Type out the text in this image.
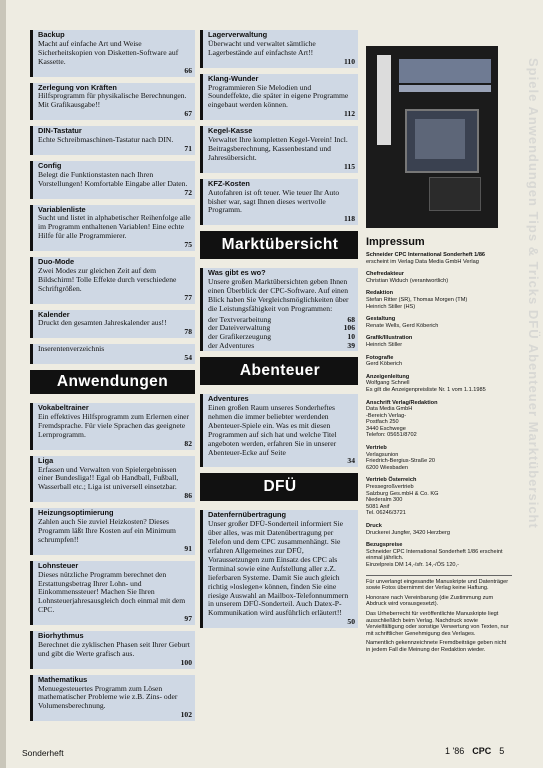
Backup
Macht auf einfache Art und Weise Sicherheitskopien von Disketten-Software auf Kassette.
66
Zerlegung von Kräften
Hilfsprogramm für physikalische Berechnungen. Mit Grafikausgabe!!
67
DIN-Tastatur
Echte Schreibmaschinen-Tastatur nach DIN.
71
Config
Belegt die Funktionstasten nach Ihren Vorstellungen! Komfortable Eingabe aller Daten.
72
Variablenliste
Sucht und listet in alphabetischer Reihenfolge alle im Programm enthaltenen Variablen! Eine echte Hilfe für alle Programmierer.
75
Duo-Mode
Zwei Modes zur gleichen Zeit auf dem Bildschirm! Tolle Effekte durch verschiedene Schriftgrößen.
77
Kalender
Druckt den gesamten Jahreskalender aus!!
78
Inserentenverzeichnis
54
Anwendungen
Vokabeltrainer
Ein effektives Hilfsprogramm zum Erlernen einer Fremdsprache. Für viele Sprachen das geeignete Lernprogramm.
82
Liga
Erfassen und Verwalten von Spielergebnissen einer Bundesliga!! Egal ob Handball, Fußball, Wasserball etc.; Liga ist universell einsetzbar.
86
Heizungsoptimierung
Zahlen auch Sie zuviel Heizkosten? Dieses Programm läßt Ihre Kosten auf ein Minimum schrumpfen!!
91
Lohnsteuer
Dieses nützliche Programm berechnet den Erstattungsbetrag Ihrer Lohn- und Einkommenssteuer! Machen Sie Ihren Lohnsteuerjahresausgleich doch einmal mit dem CPC.
97
Biorhythmus
Berechnet die zyklischen Phasen seit Ihrer Geburt und gibt die Werte grafisch aus.
100
Mathematikus
Menuegesteuertes Programm zum Lösen mathematischer Probleme wie z.B. Zins- oder Volumensberechnung.
102
Lagerverwaltung
Überwacht und verwaltet sämtliche Lagerbestände auf einfachste Art!!
110
Klang-Wunder
Programmieren Sie Melodien und Soundeffekte, die später in eigene Programme eingebaut werden können.
112
Kegel-Kasse
Verwaltet Ihre kompletten Kegel-Verein! Incl. Beitragsberechnung, Kassenbestand und Jahresübersicht.
115
KFZ-Kosten
Autofahren ist oft teuer. Wie teuer Ihr Auto bisher war, sagt Ihnen dieses wertvolle Programm.
118
Marktübersicht
Was gibt es wo?
Unsere großen Marktübersichten geben Ihnen einen Überblick der CPC-Software. Auf einen Blick haben Sie Vergleichsmöglichkeiten über die Leistungsfähigkeit von Programmen:
der Textverarbeitung	68
der Dateiverwaltung	106
der Grafikerzeugung	10
der Adventures	39
Abenteuer
Adventures
Einen großen Raum unseres Sonderheftes nehmen die immer beliebter werdenden Abenteuer-Spiele ein. Was es mit diesen Programmen auf sich hat und welche Titel angeboten werden, erfahren Sie in unserer Abenteuer-Ecke auf Seite
34
DFÜ
Datenfernübertragung
Unser großer DFÜ-Sonderteil informiert Sie über alles, was mit Datenübertragung per Telefon und dem CPC zusammenhängt. Sie erfahren Allgemeines zur DFÜ, Voraussetzungen zum Einsatz des CPC als Terminal sowie eine Aufstellung aller z.Z. lieferbaren Systeme. Damit Sie auch gleich richtig »loslegen« können, finden Sie eine riesige Auswahl an Mailbox-Telefonnummern in unserem DFÜ-Sonderteil. Auch Datex-P-Kommunikation wird ausführlich erläutert!!
50
Impressum
Schneider CPC International Sonderheft 1/86
erscheint im Verlag Data Media GmbH Verlag
Chefredakteur
Christian Widuch (verantwortlich)
Redaktion
Stefan Ritter (SR), Thomas Morgen (TM)
Heinrich Stiller (HS)
Gestaltung
Renate Wells, Gerd Köberich
Grafik/Illustration
Heinrich Stiller
Fotografie
Gerd Köberich
Anzeigenleitung
Wolfgang Schnell
Es gilt die Anzeigenpreisliste Nr. 1 vom 1.1.1985
Anschrift Verlag/Redaktion
Data Media GmbH
-Bereich Verlag-
Postfach 250
3440 Eschwege
Telefon: 05651/8702
Vertrieb
Verlagsunion
Friedrich-Bergius-Straße 20
6200 Wiesbaden
Vertrieb Österreich
Pressegroßvertrieb
Salzburg Ges.mbH & Co. KG
Niederalm 300
5081 Anif
Tel. 06246/3721
Druck
Druckerei Jungfer, 3420 Herzberg
Bezugspreise
Schneider CPC International Sonderheft 1/86 erscheint einmal jährlich.
Einzelpreis DM 14,-/sfr. 14,-/ÖS 120,-

Für unverlangt eingesandte Manuskripte und Datenträger sowie Fotos übernimmt der Verlag keine Haftung.

Honorare nach Vereinbarung (die Zustimmung zum Abdruck wird vorausgesetzt).

Das Urheberrecht für veröffentlichte Manuskripte liegt ausschließlich beim Verlag. Nachdruck sowie Vervielfältigung oder sonstige Verwertung von Texten, nur mit schriftlicher Genehmigung des Verlages.

Namentlich gekennzeichnete Fremdbeiträge geben nicht in jedem Fall die Meinung der Redaktion wieder.

Spiele Anwendungen Tips & Tricks DFÜ Abenteuer Marktübersicht
Sonderheft	1 '86 CPC 5
